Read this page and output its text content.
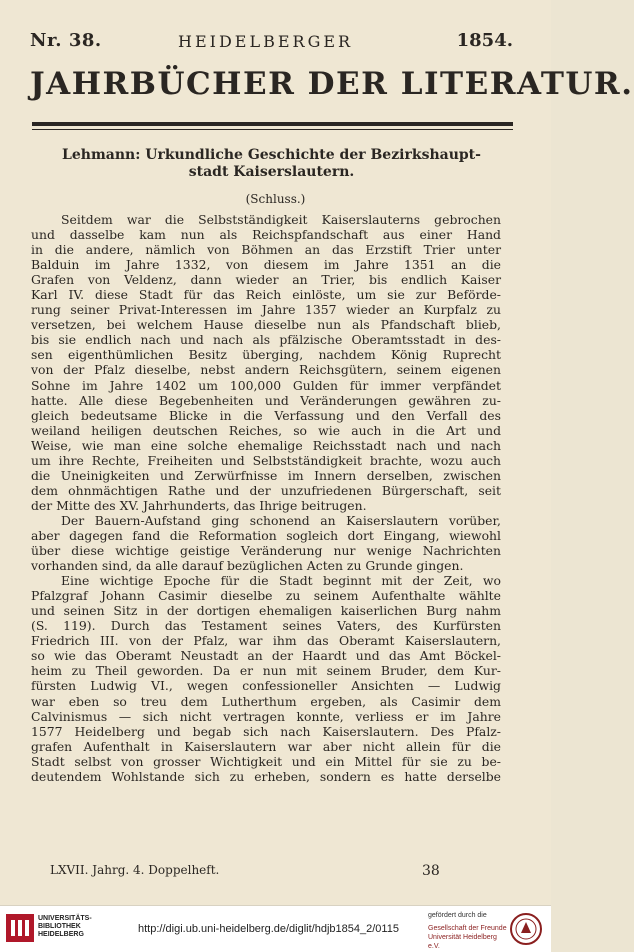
Nr. 38.	HEIDELBERGER	1854.
JAHRBÜCHER DER LITERATUR.
Lehmann: Urkundliche Geschichte der Bezirkshaupt-
stadt Kaiserslautern.
(Schluss.)
Seitdem war die Selbstständigkeit Kaiserslauterns gebrochen
und dasselbe kam nun als Reichspfandschaft aus einer Hand
in die andere, nämlich von Böhmen an das Erzstift Trier unter
Balduin im Jahre 1332, von diesem im Jahre 1351 an die
Grafen von Veldenz, dann wieder an Trier, bis endlich Kaiser
Karl IV. diese Stadt für das Reich einlöste, um sie zur Beförde-
rung seiner Privat-Interessen im Jahre 1357 wieder an Kurpfalz zu
versetzen, bei welchem Hause dieselbe nun als Pfandschaft blieb,
bis sie endlich nach und nach als pfälzische Oberamtsstadt in des-
sen eigenthümlichen Besitz überging, nachdem König Ruprecht
von der Pfalz dieselbe, nebst andern Reichsgütern, seinem eigenen
Sohne im Jahre 1402 um 100,000 Gulden für immer verpfändet
hatte. Alle diese Begebenheiten und Veränderungen gewähren zu-
gleich bedeutsame Blicke in die Verfassung und den Verfall des
weiland heiligen deutschen Reiches, so wie auch in die Art und
Weise, wie man eine solche ehemalige Reichsstadt nach und nach
um ihre Rechte, Freiheiten und Selbstständigkeit brachte, wozu auch
die Uneinigkeiten und Zerwürfnisse im Innern derselben, zwischen
dem ohnmächtigen Rathe und der unzufriedenen Bürgerschaft, seit
der Mitte des XV. Jahrhunderts, das Ihrige beitrugen.
Der Bauern-Aufstand ging schonend an Kaiserslautern vorüber,
aber dagegen fand die Reformation sogleich dort Eingang, wiewohl
über diese wichtige geistige Veränderung nur wenige Nachrichten
vorhanden sind, da alle darauf bezüglichen Acten zu Grunde gingen.
Eine wichtige Epoche für die Stadt beginnt mit der Zeit, wo
Pfalzgraf Johann Casimir dieselbe zu seinem Aufenthalte wählte
und seinen Sitz in der dortigen ehemaligen kaiserlichen Burg nahm
(S. 119). Durch das Testament seines Vaters, des Kurfürsten
Friedrich III. von der Pfalz, war ihm das Oberamt Kaiserslautern,
so wie das Oberamt Neustadt an der Haardt und das Amt Böckel-
heim zu Theil geworden. Da er nun mit seinem Bruder, dem Kur-
fürsten Ludwig VI., wegen confessioneller Ansichten — Ludwig
war eben so treu dem Lutherthum ergeben, als Casimir dem
Calvinismus — sich nicht vertragen konnte, verliess er im Jahre
1577 Heidelberg und begab sich nach Kaiserslautern. Des Pfalz-
grafen Aufenthalt in Kaiserslautern war aber nicht allein für die
Stadt selbst von grosser Wichtigkeit und ein Mittel für sie zu be-
deutendem Wohlstande sich zu erheben, sondern es hatte derselbe
LXVII. Jahrg. 4. Doppelheft.	38
UNIVERSITÄTS-
BIBLIOTHEK
HEIDELBERG	http://digi.ub.uni-heidelberg.de/diglit/hdjb1854_2/0115
gefördert durch die
Gesellschaft der Freunde
Universität Heidelberg e.V.
